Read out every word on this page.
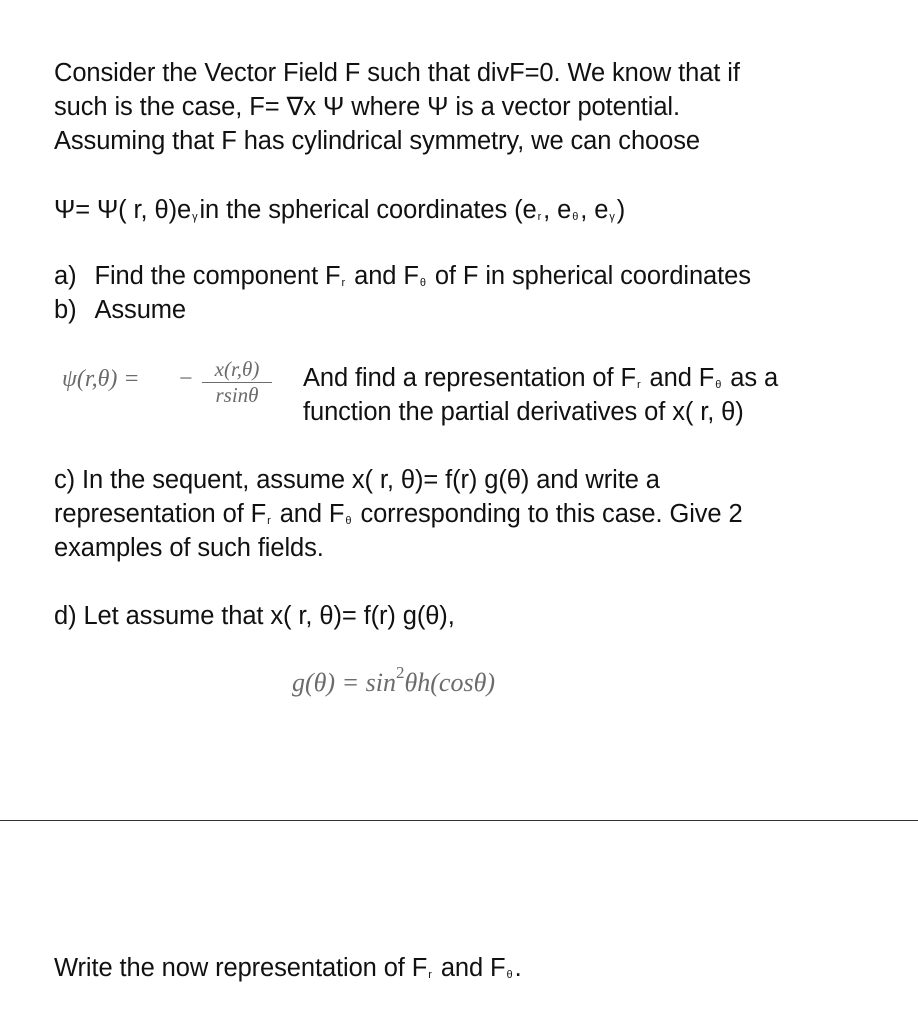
Consider the Vector Field F such that divF=0. We know that if
such is the case, F= ∇x Ψ where Ψ is a vector potential.
Assuming that F has cylindrical symmetry, we can choose
Ψ= Ψ( r, θ)eγin the spherical coordinates (er, eθ, eγ)
a) Find the component Fr and Fθ of F in spherical coordinates
b) Assume
ψ(r,θ) = − $\frac{x(r,\theta)}{rsin\theta}$ And find a representation of Fr and Fθ as a
function the partial derivatives of x( r, θ)
c) In the sequent, assume x( r, θ)= f(r) g(θ) and write a
representation of Fr and Fθ corresponding to this case. Give 2
examples of such fields.
d) Let assume that x( r, θ)= f(r) g(θ),
$g(\theta) = \sin^2\theta h(\cos\theta)$
Write the now representation of Fr and Fθ.
